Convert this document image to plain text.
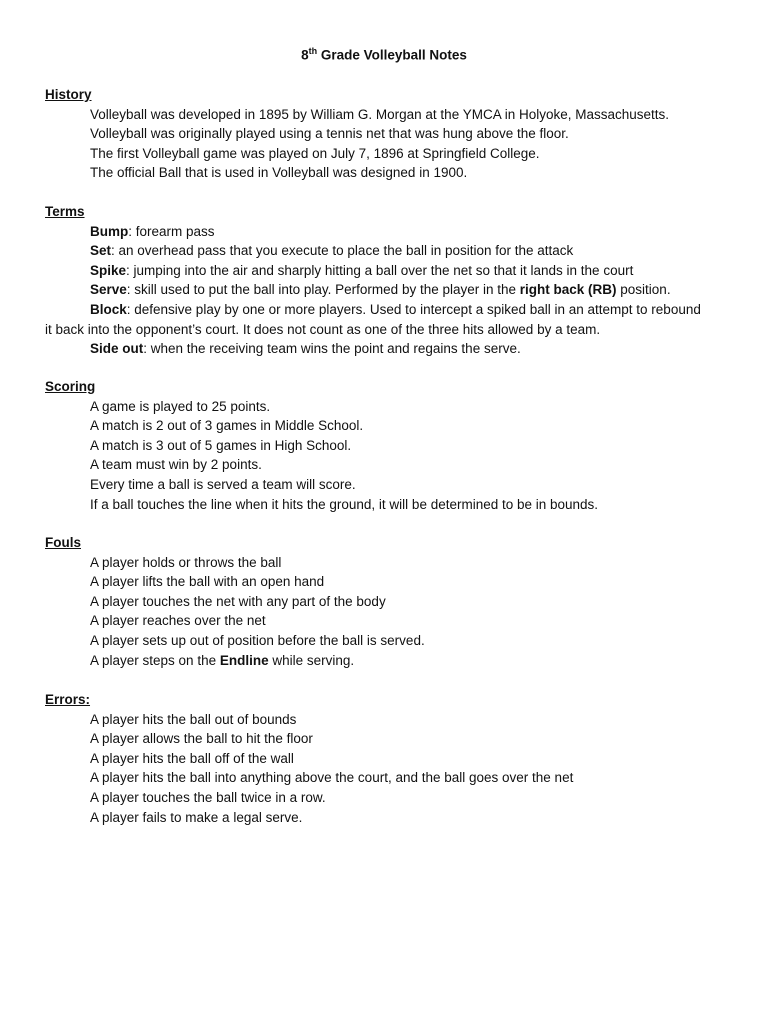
8th Grade Volleyball Notes
History
Volleyball was developed in 1895 by William G. Morgan at the YMCA in Holyoke, Massachusetts.
Volleyball was originally played using a tennis net that was hung above the floor.
The first Volleyball game was played on July 7, 1896 at Springfield College.
The official Ball that is used in Volleyball was designed in 1900.
Terms
Bump: forearm pass
Set: an overhead pass that you execute to place the ball in position for the attack
Spike: jumping into the air and sharply hitting a ball over the net so that it lands in the court
Serve: skill used to put the ball into play. Performed by the player in the right back (RB) position.
Block: defensive play by one or more players. Used to intercept a spiked ball in an attempt to rebound
it back into the opponent’s court. It does not count as one of the three hits allowed by a team.
Side out: when the receiving team wins the point and regains the serve.
Scoring
A game is played to 25 points.
A match is 2 out of 3 games in Middle School.
A match is 3 out of 5 games in High School.
A team must win by 2 points.
Every time a ball is served a team will score.
If a ball touches the line when it hits the ground, it will be determined to be in bounds.
Fouls
A player holds or throws the ball
A player lifts the ball with an open hand
A player touches the net with any part of the body
A player reaches over the net
A player sets up out of position before the ball is served.
A player steps on the Endline while serving.
Errors:
A player hits the ball out of bounds
A player allows the ball to hit the floor
A player hits the ball off of the wall
A player hits the ball into anything above the court, and the ball goes over the net
A player touches the ball twice in a row.
A player fails to make a legal serve.
